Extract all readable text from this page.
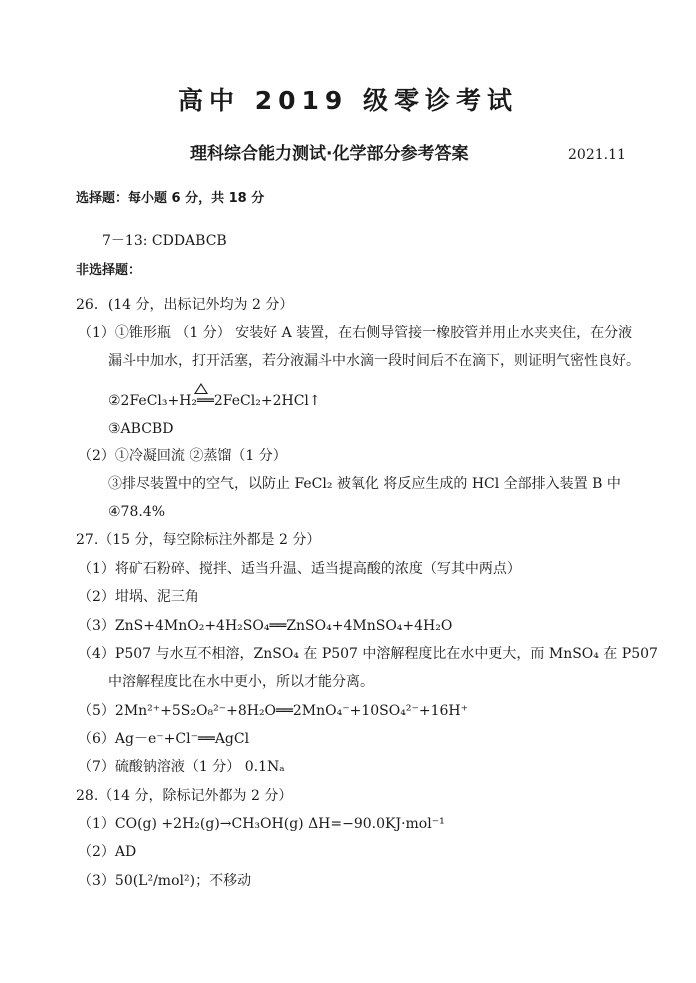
高中 2019 级零诊考试
理科综合能力测试·化学部分参考答案	2021.11
选择题：每小题 6 分，共 18 分
7－13: CDDABCB
非选择题：
26．(14 分，出标记外均为 2 分）
（1）①锥形瓶 （1 分） 安装好 A 装置，在右侧导管接一橡胶管并用止水夹夹住，在分液
漏斗中加水，打开活塞，若分液漏斗中水滴一段时间后不在滴下，则证明气密性良好。
②2FeCl₃+H₂══2FeCl₂+2HCl↑
③ABCBD
（2）①冷凝回流 ②蒸馏（1 分）
③排尽装置中的空气，以防止 FeCl₂ 被氧化 将反应生成的 HCl 全部排入装置 B 中
④78.4%
27.（15 分，每空除标注外都是 2 分）
（1）将矿石粉碎、搅拌、适当升温、适当提高酸的浓度（写其中两点）
（2）坩埚、泥三角
（3）ZnS+4MnO₂+4H₂SO₄══ZnSO₄+4MnSO₄+4H₂O
（4）P507 与水互不相溶，ZnSO₄ 在 P507 中溶解程度比在水中更大，而 MnSO₄ 在 P507
中溶解程度比在水中更小，所以才能分离。
（5）2Mn²⁺+5S₂O₈²⁻+8H₂O══2MnO₄⁻+10SO₄²⁻+16H⁺
（6）Ag－e⁻+Cl⁻══AgCl
（7）硫酸钠溶液（1 分） 0.1Nₐ
28.（14 分，除标记外都为 2 分）
（1）CO(g) +2H₂(g)→CH₃OH(g) ΔH=−90.0KJ·mol⁻¹
（2）AD
（3）50(L²/mol²)；不移动
